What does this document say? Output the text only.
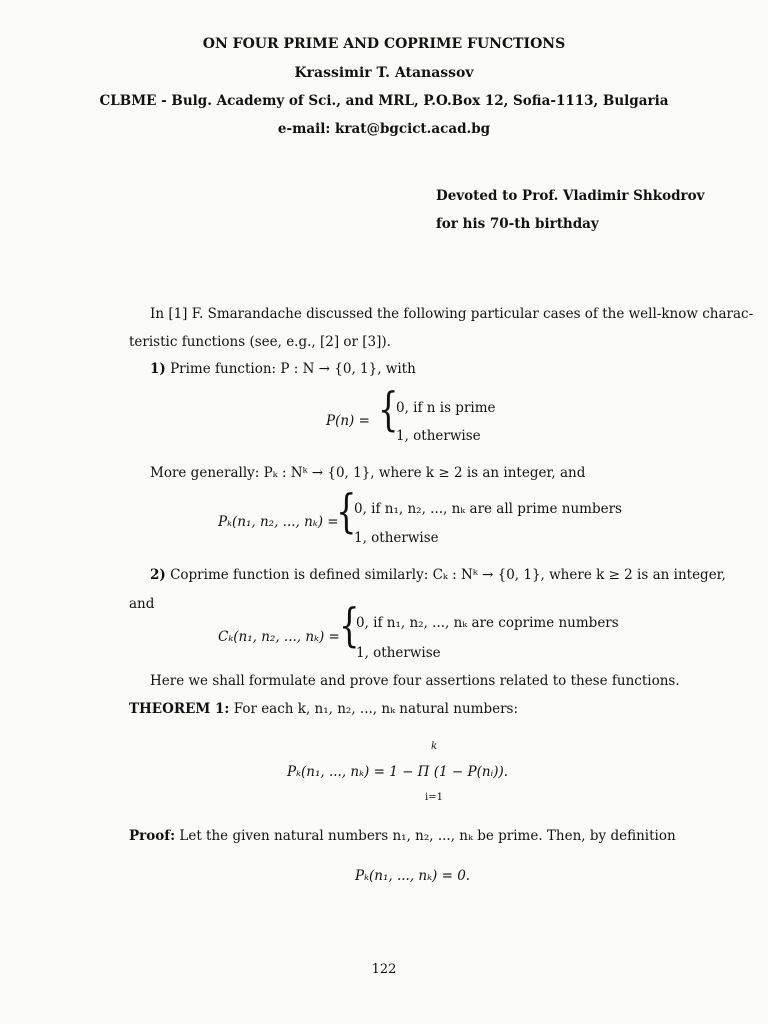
ON FOUR PRIME AND COPRIME FUNCTIONS
Krassimir T. Atanassov
CLBME - Bulg. Academy of Sci., and MRL, P.O.Box 12, Sofia-1113, Bulgaria
e-mail: krat@bgcict.acad.bg
Devoted to Prof. Vladimir Shkodrov
for his 70-th birthday
In [1] F. Smarandache discussed the following particular cases of the well-know charac-
teristic functions (see, e.g., [2] or [3]).
1) Prime function: P : N → {0, 1}, with
P(n) = {
0, if n is prime
1, otherwise
More generally: Pₖ : Nᵏ → {0, 1}, where k ≥ 2 is an integer, and
Pₖ(n₁, n₂, ..., nₖ) =
{
0, if n₁, n₂, ..., nₖ are all prime numbers
1, otherwise
2) Coprime function is defined similarly: Cₖ : Nᵏ → {0, 1}, where k ≥ 2 is an integer,
and
Cₖ(n₁, n₂, ..., nₖ) = {
0, if n₁, n₂, ..., nₖ are coprime numbers
1, otherwise
Here we shall formulate and prove four assertions related to these functions.
THEOREM 1: For each k, n₁, n₂, ..., nₖ natural numbers:
k
Pₖ(n₁, ..., nₖ) = 1 − Π (1 − P(nᵢ)).
i=1
Proof: Let the given natural numbers n₁, n₂, ..., nₖ be prime. Then, by definition
Pₖ(n₁, ..., nₖ) = 0.
122
